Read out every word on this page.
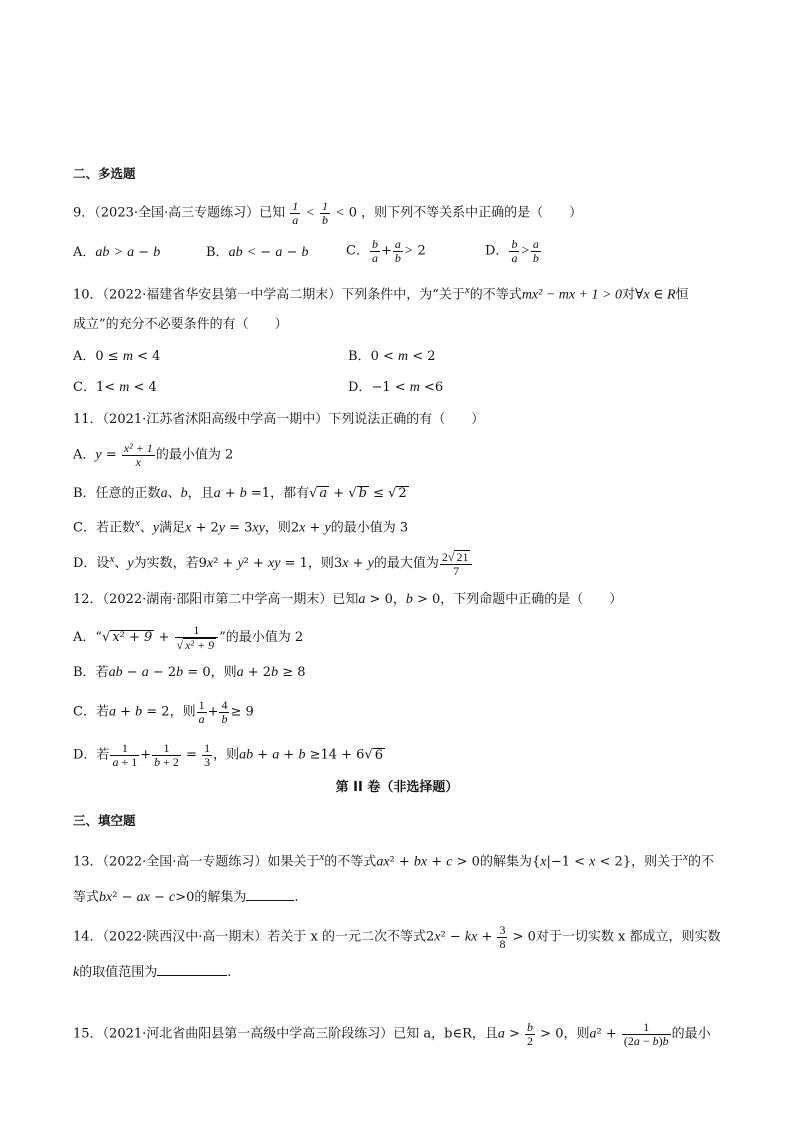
二、多选题
9．（2023·全国·高三专题练习）已知 $\frac{1}{a} < \frac{1}{b} < 0$ ，则下列不等关系中正确的是（　　）
A．ab > a − b	B．ab < − a − b	C． $\frac{b}{a} + \frac{a}{b} > 2$	D． $\frac{b}{a} > \frac{a}{b}$
10．（2022·福建省华安县第一中学高二期末）下列条件中，为“关于$^x$的不等式mx² − mx + 1 > 0对∀x ∈ R恒
成立”的充分不必要条件的有（　　）
A．0 ≤ m < 4	B．0 < m < 2
C．1< m < 4	D．−1 < m <6
11．（2021·江苏省沭阳高级中学高一期中）下列说法正确的有（　　）
A．$y = \frac{\text{x² + 1}}{x}$ 的最小值为 2
B．任意的正数a、b，且a + b =1，都有√ a + √ b ≤ √ 2
C．若正数$^x$、y满足x + 2y = 3xy，则2x + y的最小值为 3
D．设$^x$、y为实数，若9x² + y² + xy = 1，则3x + y的最大值为 $\frac{2√ 21}{7}$
12．（2022·湖南·邵阳市第二中学高一期末）已知a > 0，b > 0，下列命题中正确的是（　　）
A．“√ $x^2 + 9 + \frac{1}{\text{√ x² + 9}}$ ”的最小值为 2
B．若ab − a − 2b = 0，则a + 2b ≥ 8
C．若a + b = 2，则 $\frac{1}{a} + \frac{4}{b} \ge 9$
D．若 $\frac{1}{a + 1} + \frac{1}{b + 2} = \frac{1}{3}$ ，则ab + a + b ≥14 + 6√ 6
第 II 卷（非选择题）
三、填空题
13．（2022·全国·高一专题练习）如果关于$^x$的不等式ax² + bx + c > 0的解集为{x|−1 < x < 2}，则关于$^x$的不
等式bx² − ax − c>0的解集为	.
14．（2022·陕西汉中·高一期末）若关于 x 的一元二次不等式2x² − kx + $\frac{3}{8} > 0$对于一切实数 x 都成立，则实数
k的取值范围为	.
15．（2021·河北省曲阳县第一高级中学高三阶段练习）已知 a，b∈R，且$a > \frac{b}{2} > 0$，则$a^2 + \frac{1}{(2a - b)b}$ 的最小
